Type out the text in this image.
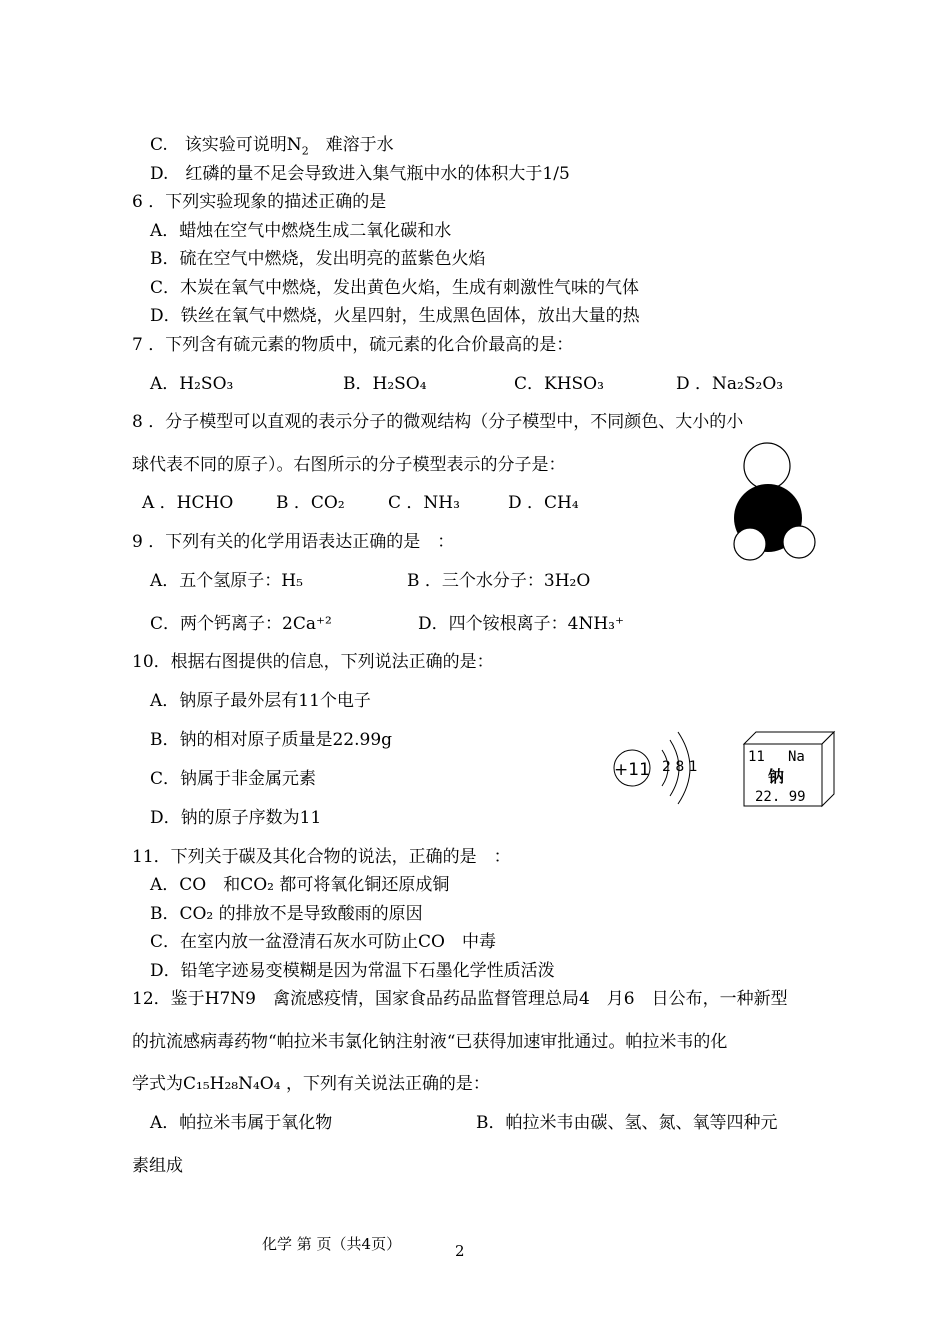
C.　该实验可说明$N_2$　难溶于水
D.　红磷的量不足会导致进入集气瓶中水的体积大于1/5
6 ．下列实验现象的描述正确的是
A．蜡烛在空气中燃烧生成二氧化碳和水
B．硫在空气中燃烧，发出明亮的蓝紫色火焰
C．木炭在氧气中燃烧，发出黄色火焰，生成有刺激性气味的气体
D．铁丝在氧气中燃烧，火星四射，生成黑色固体，放出大量的热
7 ．下列含有硫元素的物质中，硫元素的化合价最高的是：
A．H₂SO₃	B．H₂SO₄	C．KHSO₃	D ．Na₂S₂O₃
8 ．分子模型可以直观的表示分子的微观结构（分子模型中，不同颜色、大小的小
球代表不同的原子）。右图所示的分子模型表示的分子是：
A ．HCHO	B ．CO₂	C ．NH₃	D ．CH₄
9 ．下列有关的化学用语表达正确的是　：
A．五个氢原子：H₅	B ．三个水分子：3H₂O
C．两个钙离子：2Ca⁺²	D．四个铵根离子：4NH₃⁺
10．根据右图提供的信息，下列说法正确的是：
A．钠原子最外层有11个电子
B．钠的相对原子质量是22.99g
C．钠属于非金属元素
D．钠的原子序数为11
+11 2 8 1
11 Na
钠
22. 99
11．下列关于碳及其化合物的说法，正确的是　：
A．CO　和CO₂ 都可将氧化铜还原成铜
B．CO₂ 的排放不是导致酸雨的原因
C．在室内放一盆澄清石灰水可防止CO　中毒
D．铅笔字迹易变模糊是因为常温下石墨化学性质活泼
12．鉴于H7N9　禽流感疫情，国家食品药品监督管理总局4　月6　日公布，一种新型
的抗流感病毒药物“帕拉米韦氯化钠注射液“已获得加速审批通过。帕拉米韦的化
学式为C₁₅H₂₈N₄O₄ ，下列有关说法正确的是：
A．帕拉米韦属于氧化物	B．帕拉米韦由碳、氢、氮、氧等四种元
素组成
化学 第 页（共4页）	2
